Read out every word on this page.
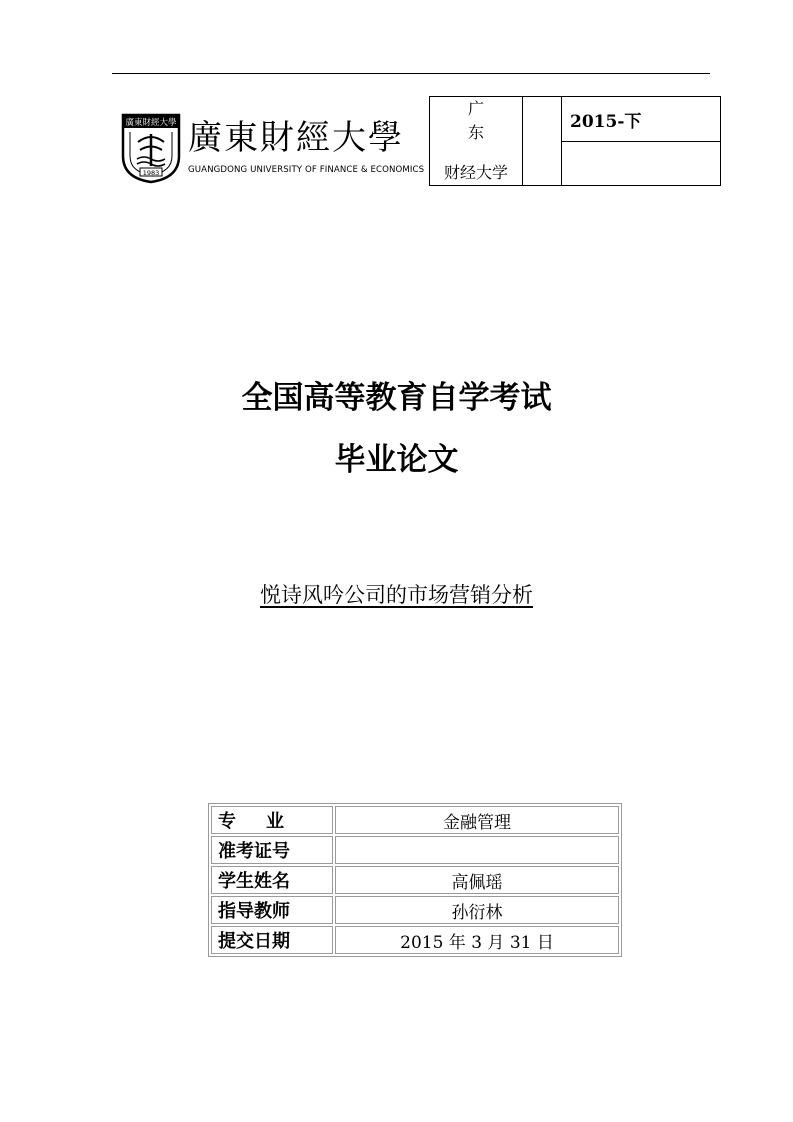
廣東財經大學
1983
廣東財經大學
GUANGDONG UNIVERSITY OF FINANCE & ECONOMICS
广 东
财经大学
		2015-下

全国高等教育自学考试
毕业论文
悦诗风吟公司的市场营销分析
专业	金融管理
准考证号	
学生姓名	高佩瑶
指导教师	孙衍林
提交日期	2015 年 3 月 31 日
